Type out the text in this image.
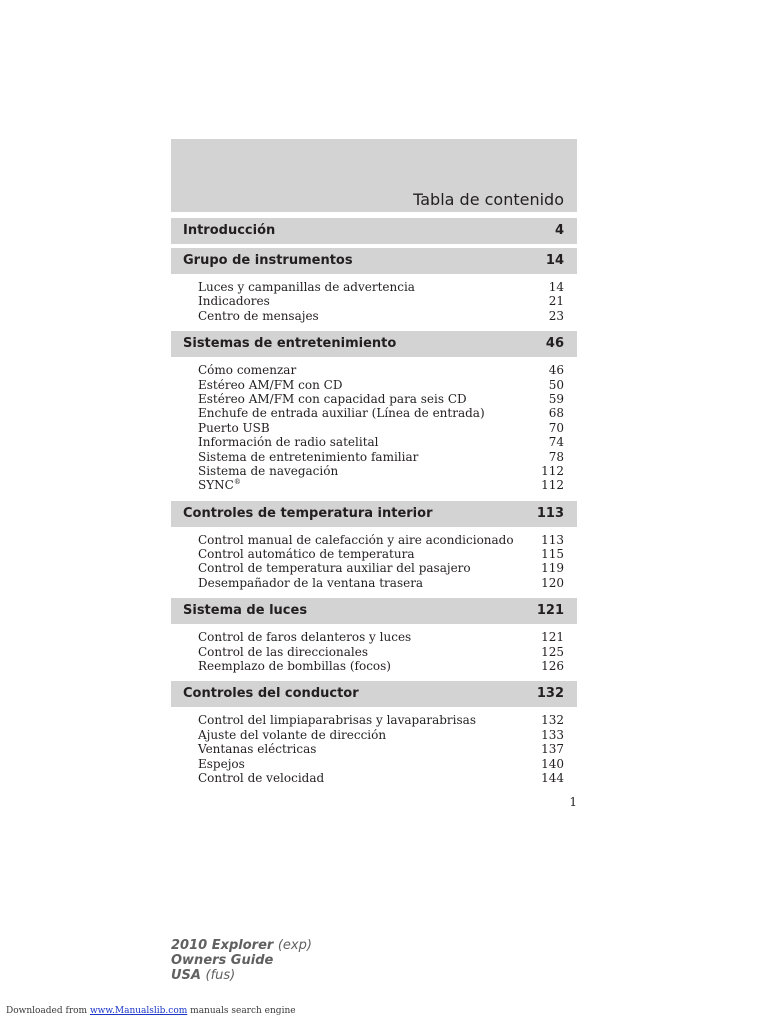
Tabla de contenido
Introducción	4
Grupo de instrumentos	14
Luces y campanillas de advertencia	14
Indicadores	21
Centro de mensajes	23
Sistemas de entretenimiento	46
Cómo comenzar	46
Estéreo AM/FM con CD	50
Estéreo AM/FM con capacidad para seis CD	59
Enchufe de entrada auxiliar (Línea de entrada)	68
Puerto USB	70
Información de radio satelital	74
Sistema de entretenimiento familiar	78
Sistema de navegación	112
SYNC®	112
Controles de temperatura interior	113
Control manual de calefacción y aire acondicionado 113
Control automático de temperatura	115
Control de temperatura auxiliar del pasajero	119
Desempañador de la ventana trasera	120
Sistema de luces	121
Control de faros delanteros y luces	121
Control de las direccionales	125
Reemplazo de bombillas (focos)	126
Controles del conductor	132
Control del limpiaparabrisas y lavaparabrisas	132
Ajuste del volante de dirección	133
Ventanas eléctricas	137
Espejos	140
Control de velocidad	144
1
2010 Explorer (exp)
Owners Guide
USA (fus)
Downloaded from www.Manualslib.com manuals search engine
